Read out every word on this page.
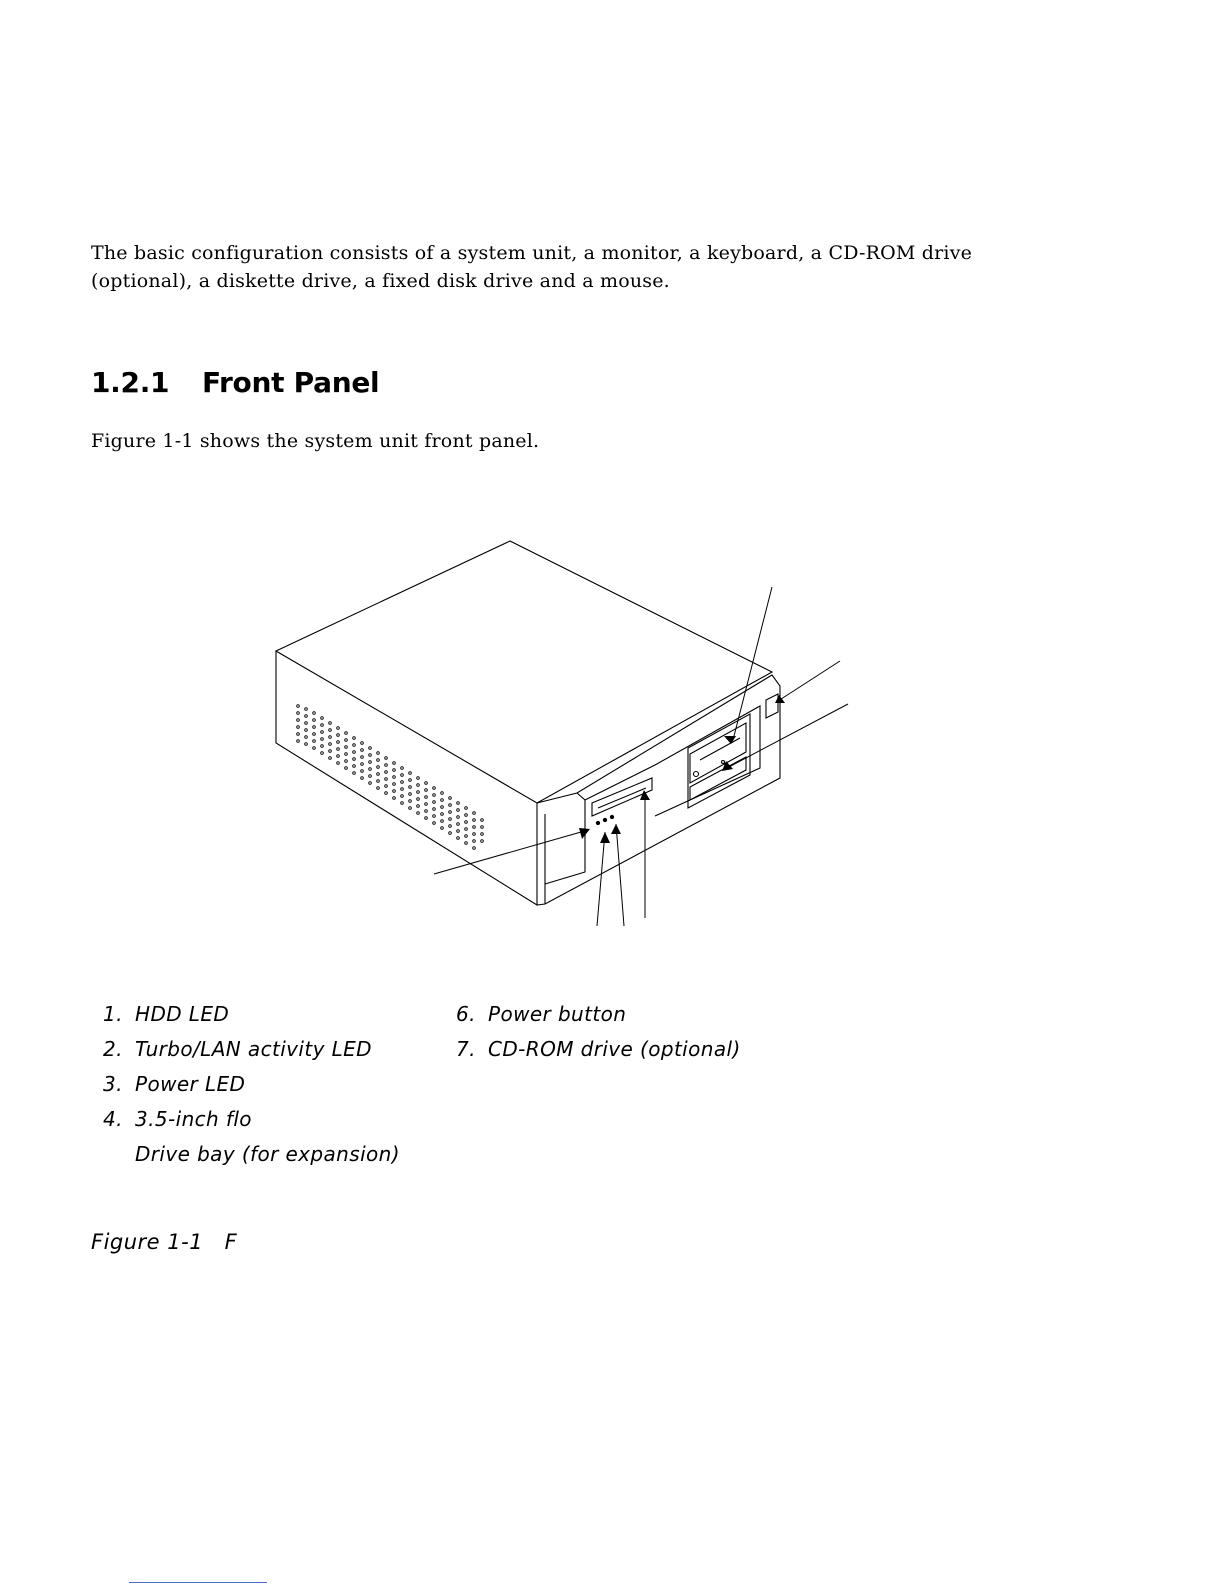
The basic configuration consists of a system unit, a monitor, a keyboard, a CD-ROM drive (optional), a diskette drive, a fixed disk drive and a mouse.

1.2.1 Front Panel

Figure 1-1 shows the system unit front panel.

1. HDD LED
2. Turbo/LAN activity LED
3. Power LED
4. 3.5-inch flo
Drive bay (for expansion)
6. Power button
7. CD-ROM drive (optional)

Figure 1-1   F
